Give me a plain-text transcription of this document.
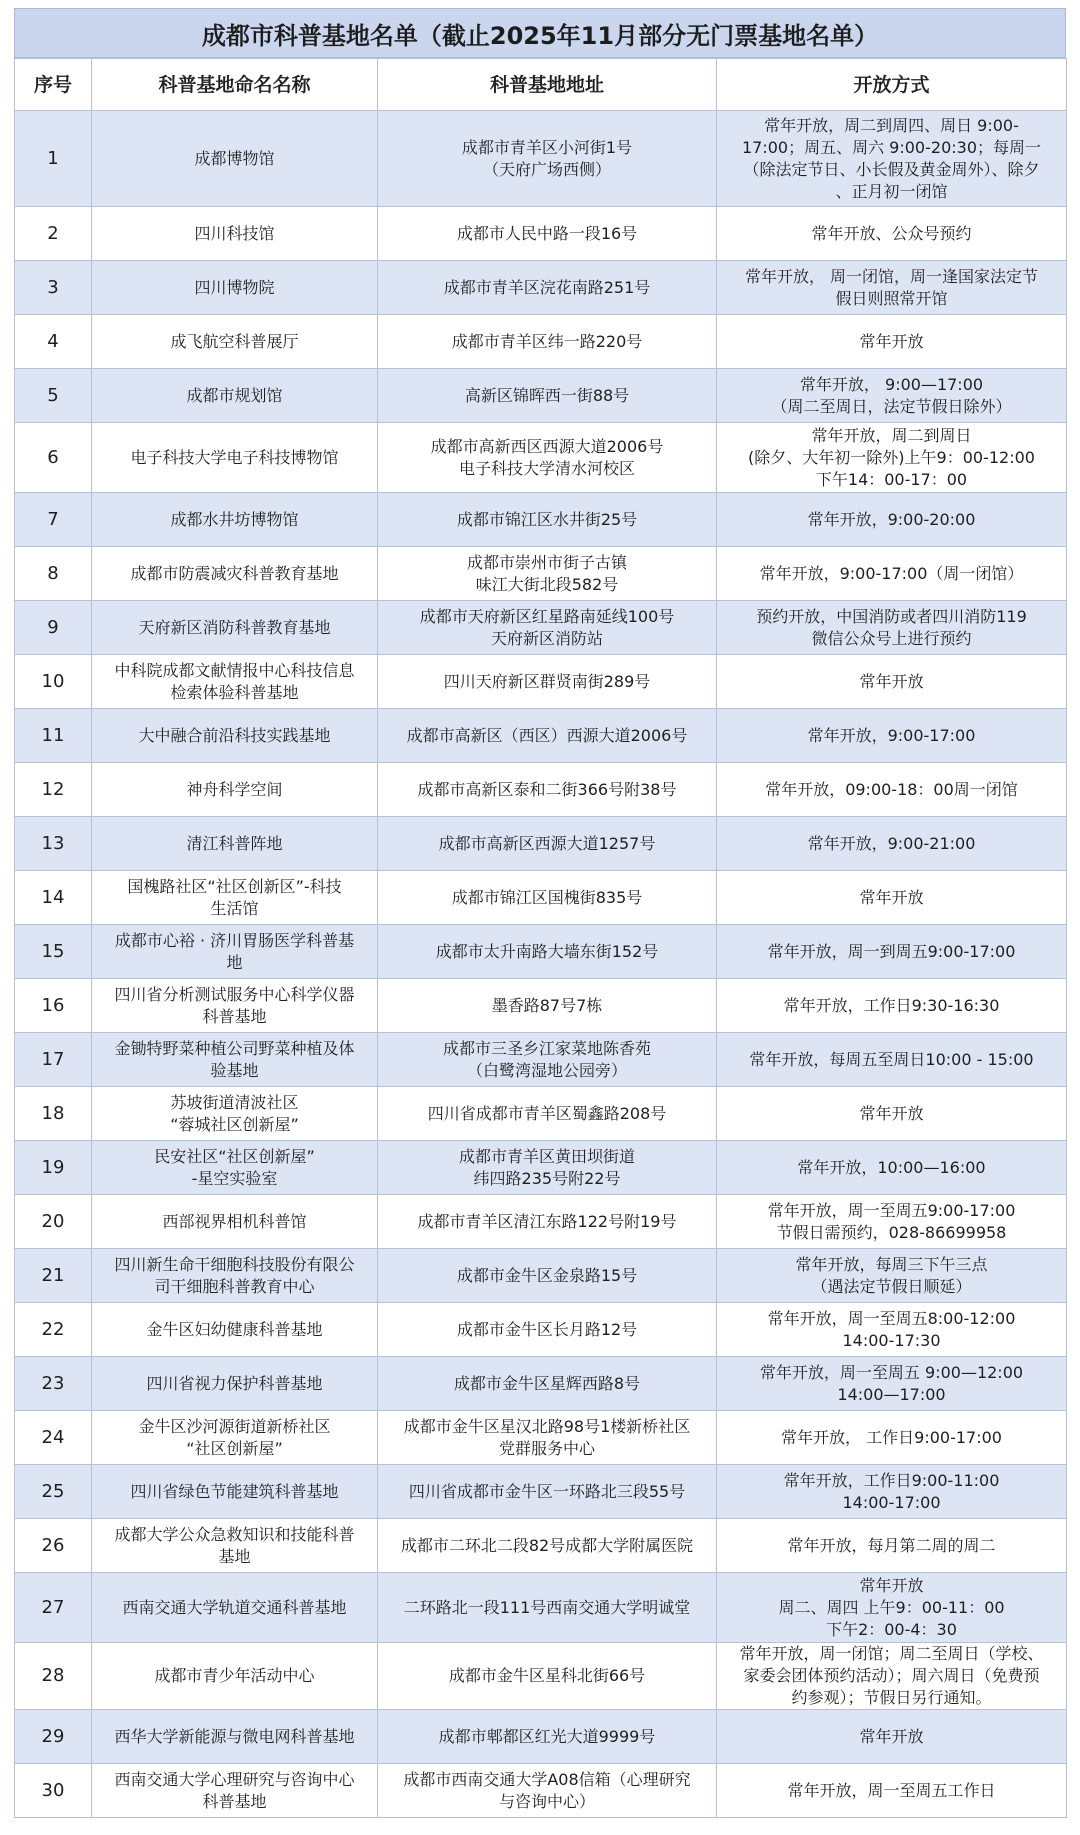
成都市科普基地名单（截止2025年11月部分无门票基地名单）
序号	科普基地命名名称	科普基地地址	开放方式
1	成都博物馆	成都市青羊区小河街1号
（天府广场西侧）	常年开放，周二到周四、周日 9:00-
17:00；周五、周六 9:00-20:30；每周一
（除法定节日、小长假及黄金周外）、除夕
、正月初一闭馆
2	四川科技馆	成都市人民中路一段16号	常年开放、公众号预约
3	四川博物院	成都市青羊区浣花南路251号	常年开放， 周一闭馆，周一逢国家法定节
假日则照常开馆
4	成飞航空科普展厅	成都市青羊区纬一路220号	常年开放
5	成都市规划馆	高新区锦晖西一街88号	常年开放， 9:00—17:00
（周二至周日，法定节假日除外）
6	电子科技大学电子科技博物馆	成都市高新西区西源大道2006号
电子科技大学清水河校区	常年开放，周二到周日
(除夕、大年初一除外)上午9：00-12:00
下午14：00-17：00
7	成都水井坊博物馆	成都市锦江区水井街25号	常年开放，9:00-20:00
8	成都市防震减灾科普教育基地	成都市崇州市街子古镇
味江大街北段582号	常年开放，9:00-17:00（周一闭馆）
9	天府新区消防科普教育基地	成都市天府新区红星路南延线100号
天府新区消防站	预约开放，中国消防或者四川消防119
微信公众号上进行预约
10	中科院成都文献情报中心科技信息
检索体验科普基地	四川天府新区群贤南街289号	常年开放
11	大中融合前沿科技实践基地	成都市高新区（西区）西源大道2006号	常年开放，9:00-17:00
12	神舟科学空间	成都市高新区泰和二街366号附38号	常年开放，09:00-18：00周一闭馆
13	清江科普阵地	成都市高新区西源大道1257号	常年开放，9:00-21:00
14	国槐路社区“社区创新区”-科技
生活馆	成都市锦江区国槐街835号	常年开放
15	成都市心裕 · 济川胃肠医学科普基
地	成都市太升南路大墙东街152号	常年开放，周一到周五9:00-17:00
16	四川省分析测试服务中心科学仪器
科普基地	墨香路87号7栋	常年开放，工作日9:30-16:30
17	金锄特野菜种植公司野菜种植及体
验基地	成都市三圣乡江家菜地陈香苑
（白鹭湾湿地公园旁）	常年开放，每周五至周日10:00 - 15:00
18	苏坡街道清波社区
“蓉城社区创新屋”	四川省成都市青羊区蜀鑫路208号	常年开放
19	民安社区“社区创新屋”
-星空实验室	成都市青羊区黄田坝街道
纬四路235号附22号	常年开放，10:00—16:00
20	西部视界相机科普馆	成都市青羊区清江东路122号附19号	常年开放，周一至周五9:00-17:00
节假日需预约，028-86699958
21	四川新生命干细胞科技股份有限公
司干细胞科普教育中心	成都市金牛区金泉路15号	常年开放，每周三下午三点
（遇法定节假日顺延）
22	金牛区妇幼健康科普基地	成都市金牛区长月路12号	常年开放，周一至周五8:00-12:00
14:00-17:30
23	四川省视力保护科普基地	成都市金牛区星辉西路8号	常年开放，周一至周五 9:00—12:00
14:00—17:00
24	金牛区沙河源街道新桥社区
“社区创新屋”	成都市金牛区星汉北路98号1楼新桥社区
党群服务中心	常年开放， 工作日9:00-17:00
25	四川省绿色节能建筑科普基地	四川省成都市金牛区一环路北三段55号	常年开放，工作日9:00-11:00
14:00-17:00
26	成都大学公众急救知识和技能科普
基地	成都市二环北二段82号成都大学附属医院	常年开放，每月第二周的周二
27	西南交通大学轨道交通科普基地	二环路北一段111号西南交通大学明诚堂	常年开放
周二、周四 上午9：00-11：00
下午2：00-4：30
28	成都市青少年活动中心	成都市金牛区星科北街66号	常年开放，周一闭馆；周二至周日（学校、
家委会团体预约活动）；周六周日（免费预
约参观）；节假日另行通知。
29	西华大学新能源与微电网科普基地	成都市郫都区红光大道9999号	常年开放
30	西南交通大学心理研究与咨询中心
科普基地	成都市西南交通大学A08信箱（心理研究
与咨询中心）	常年开放，周一至周五工作日
